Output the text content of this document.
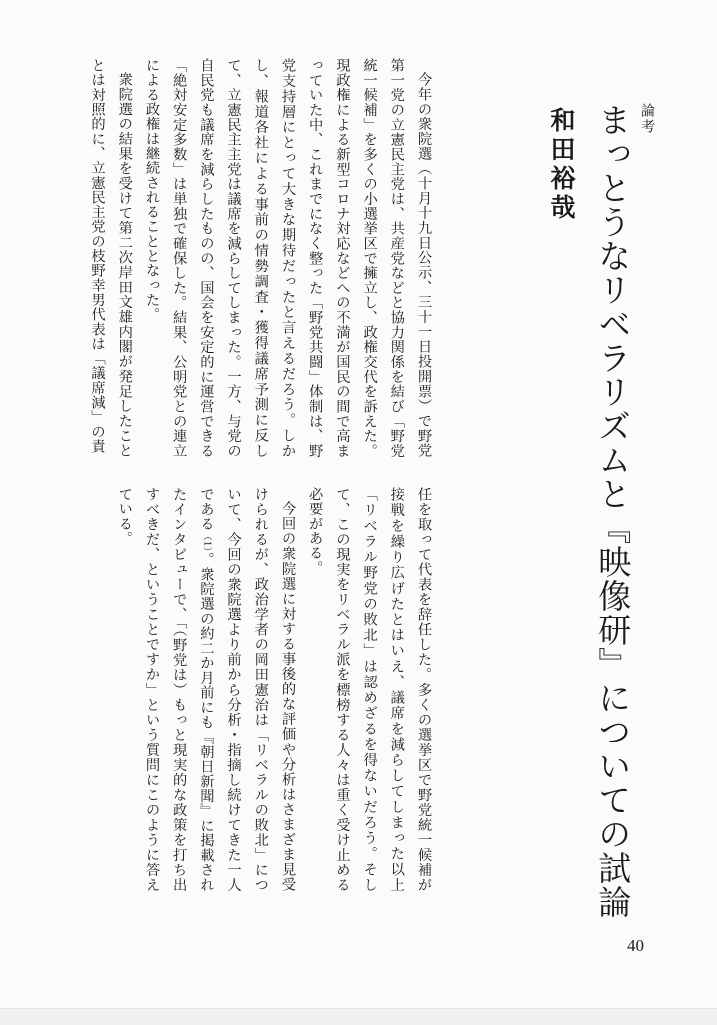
論考
まっとうなリベラリズムと『映像研』についての試論
和田裕哉

今年の衆院選（十月十九日公示、三十一日投開票）で野党第一党の立憲民主党は、共産党などと協力関係を結び「野党統一候補」を多くの小選挙区で擁立し、政権交代を訴えた。現政権による新型コロナ対応などへの不満が国民の間で高まっていた中、これまでになく整った「野党共闘」体制は、野党支持層にとって大きな期待だったと言えるだろう。しかし、報道各社による事前の情勢調査・獲得議席予測に反して、立憲民主主党は議席を減らしてしまった。一方、与党の自民党も議席を減らしたものの、国会を安定的に運営できる「絶対安定多数」は単独で確保した。結果、公明党との連立による政権は継続されることとなった。

衆院選の結果を受けて第二次岸田文雄内閣が発足したこととは対照的に、立憲民主党の枝野幸男代表は「議席減」の責

任を取って代表を辞任した。多くの選挙区で野党統一候補が接戦を繰り広げたとはいえ、議席を減らしてしまった以上「リベラル野党の敗北」は認めざるを得ないだろう。そして、この現実をリベラル派を標榜する人々は重く受け止める必要がある。

今回の衆院選に対する事後的な評価や分析はさまざま見受けられるが、政治学者の岡田憲治は「リベラルの敗北」について、今回の衆院選より前から分析・指摘し続けてきた一人である（1）。衆院選の約二か月前にも『朝日新聞』に掲載されたインタビューで、「（野党は）もっと現実的な政策を打ち出すべきだ、ということですか」という質問にこのように答えている。

40
